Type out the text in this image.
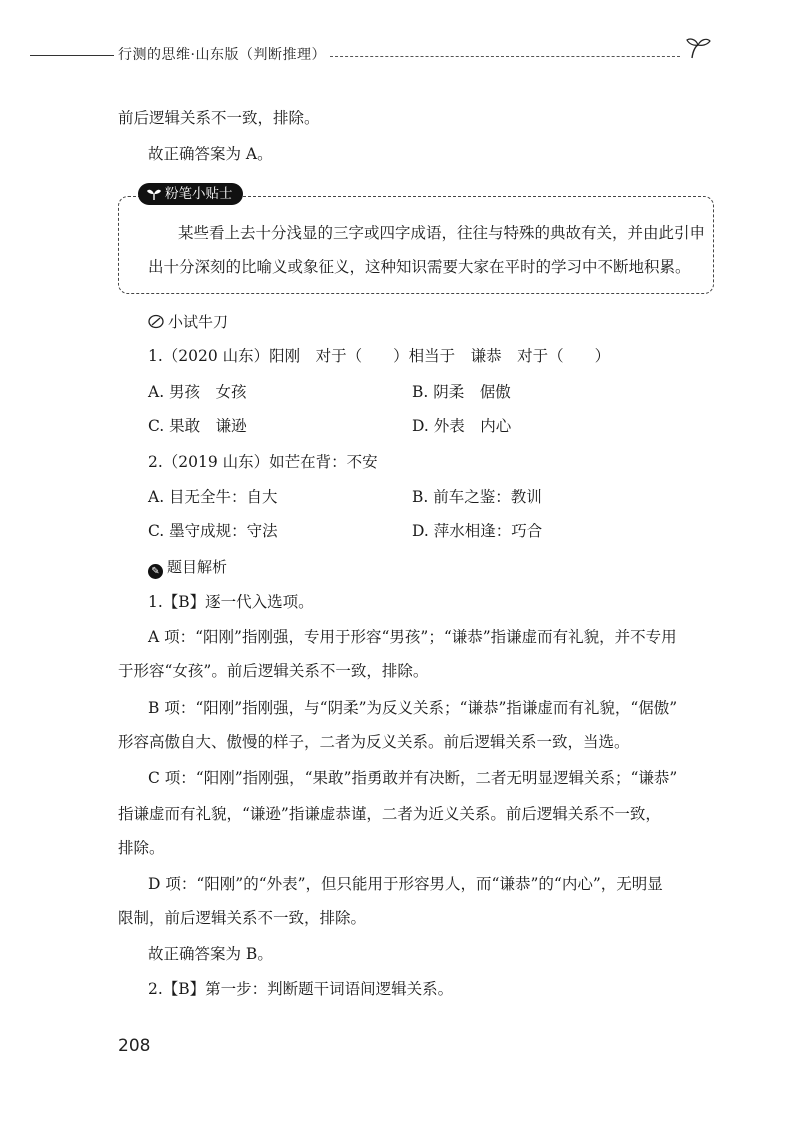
行测的思维·山东版（判断推理）
前后逻辑关系不一致，排除。
故正确答案为 A。
粉笔小贴士
某些看上去十分浅显的三字或四字成语，往往与特殊的典故有关，并由此引申
出十分深刻的比喻义或象征义，这种知识需要大家在平时的学习中不断地积累。
小试牛刀
1.（2020 山东）阳刚　对于（　　）相当于　谦恭　对于（　　）
A. 男孩　女孩	B. 阴柔　倨傲
C. 果敢　谦逊	D. 外表　内心
2.（2019 山东）如芒在背：不安
A. 目无全牛：自大	B. 前车之鉴：教训
C. 墨守成规：守法	D. 萍水相逢：巧合
✎ 题目解析
1.【B】逐一代入选项。
A 项：“阳刚”指刚强，专用于形容“男孩”；“谦恭”指谦虚而有礼貌，并不专用
于形容“女孩”。前后逻辑关系不一致，排除。
B 项：“阳刚”指刚强，与“阴柔”为反义关系；“谦恭”指谦虚而有礼貌，“倨傲”
形容高傲自大、傲慢的样子，二者为反义关系。前后逻辑关系一致，当选。
C 项：“阳刚”指刚强，“果敢”指勇敢并有决断，二者无明显逻辑关系；“谦恭”
指谦虚而有礼貌，“谦逊”指谦虚恭谨，二者为近义关系。前后逻辑关系不一致，
排除。
D 项：“阳刚”的“外表”，但只能用于形容男人，而“谦恭”的“内心”，无明显
限制，前后逻辑关系不一致，排除。
故正确答案为 B。
2.【B】第一步：判断题干词语间逻辑关系。
208
